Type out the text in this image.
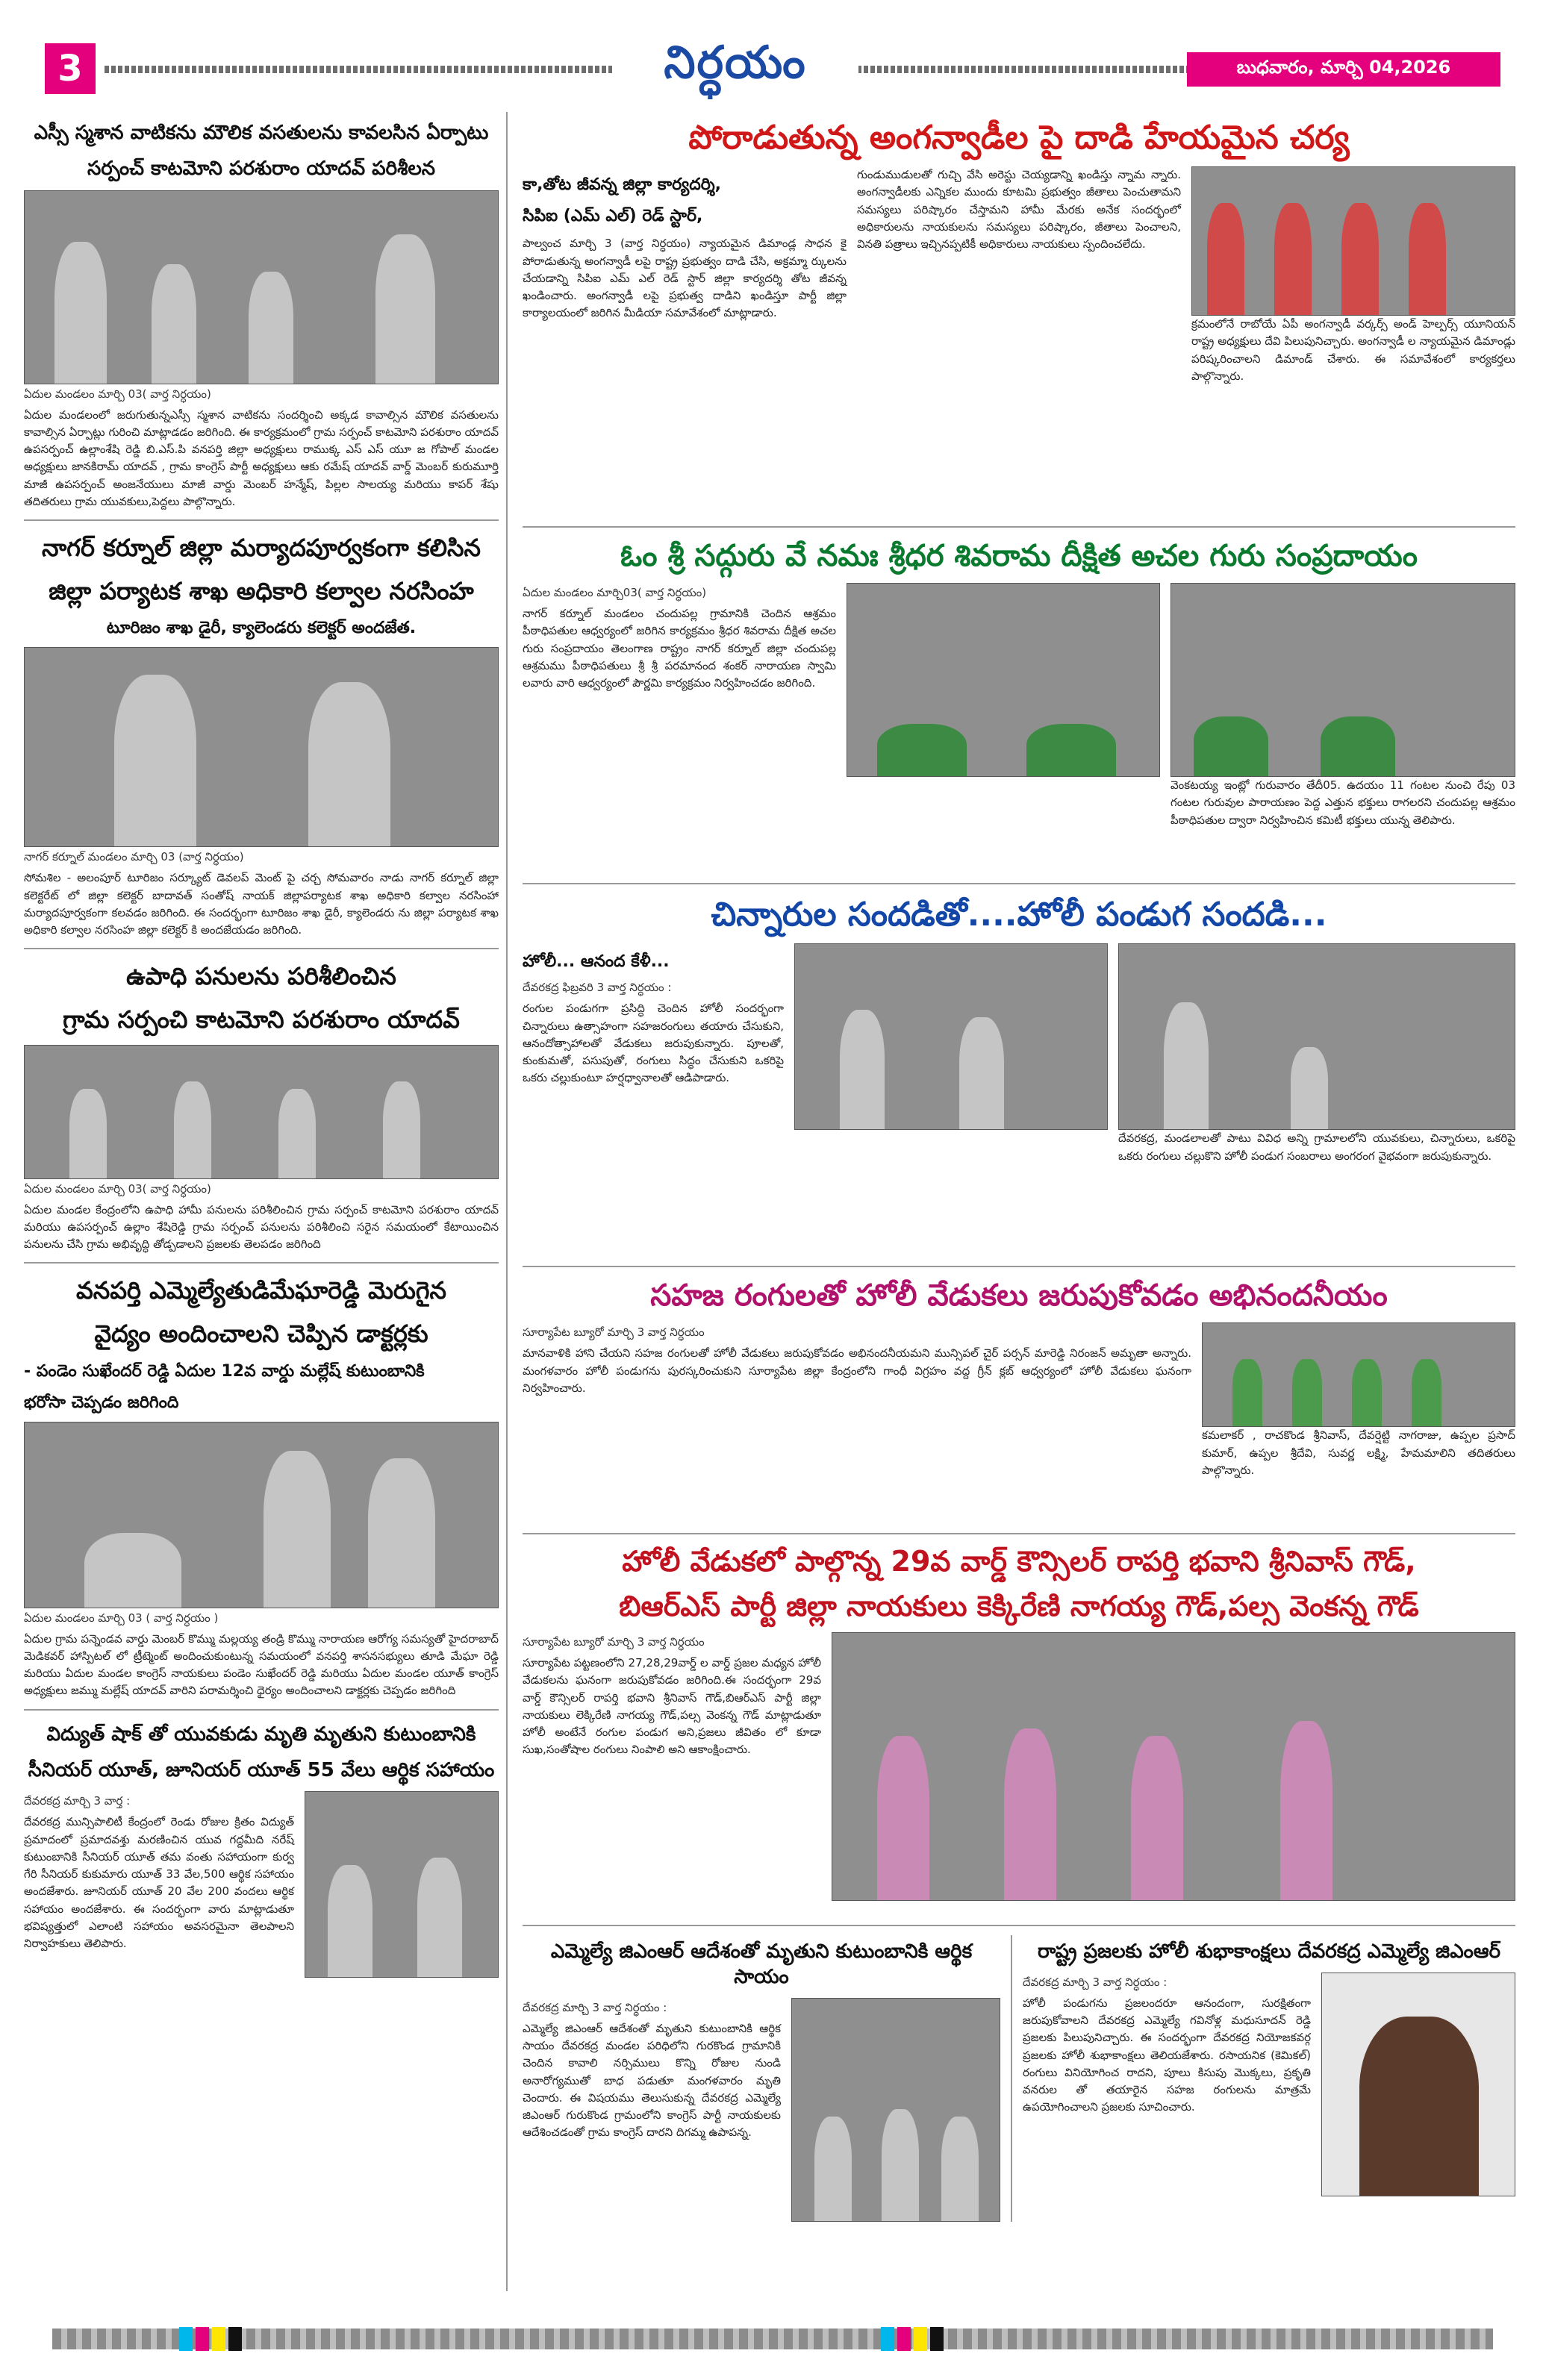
3	నిర్ధయం	బుధవారం, మార్చి 04,2026
ఎస్సీ స్మశాన వాటికను మౌలిక వసతులను కావలసిన ఏర్పాటు
సర్పంచ్ కాటమోని పరశురాం యాదవ్ పరిశీలన
ఏదుల మండలం మార్చి 03( వార్త నిర్ధయం)
ఏదుల మండలంలో జరుగుతున్నఎస్సీ స్మశాన వాటికను సందర్శించి అక్కడ కావాల్సిన మౌలిక వసతులను కావాల్సిన ఏర్పాట్లు గురించి మాట్లాడడం జరిగింది. ఈ కార్యక్రమంలో గ్రామ సర్పంచ్ కాటమోని పరశురాం యాదవ్ ఉపసర్పంచ్ ఉల్లాంశేషి రెడ్డి బి.ఎస్.పి వనపర్తి జిల్లా అధ్యక్షులు రాముక్క ఎస్ ఎస్ యూ జ గోపాల్ మండల అధ్యక్షులు జానకిరామ్ యాదవ్ , గ్రామ కాంగ్రెస్ పార్టీ అధ్యక్షులు ఆకు రమేష్ యాదవ్ వార్డ్ మెంబర్ కురుమూర్తి మాజీ ఉపసర్పంచ్ అంజనేయులు మాజీ వార్డు మెంబర్ హన్మేష్, పిల్లల సాలయ్య మరియు కాపర్ శేషు తదితరులు గ్రామ యువకులు,పెద్దలు పాల్గొన్నారు.
నాగర్ కర్నూల్ జిల్లా మర్యాదపూర్వకంగా కలిసిన
జిల్లా పర్యాటక శాఖ అధికారి కల్వాల నరసింహ
టూరిజం శాఖ డైరీ, క్యాలెండరు కలెక్టర్ అందజేత.
నాగర్ కర్నూల్ మండలం మార్చి 03 (వార్త నిర్ధయం)
సోమశిల - అలంపూర్ టూరిజం సర్క్యూట్ డెవలప్ మెంట్ పై చర్చ సోమవారం నాడు నాగర్ కర్నూల్ జిల్లా కలెక్టరేట్ లో జిల్లా కలెక్టర్ బాదావత్ సంతోష్ నాయక్ జిల్లాపర్యాటక శాఖ అధికారి కల్వాల నరసింహా మర్యాదపూర్వకంగా కలవడం జరిగింది. ఈ సందర్భంగా టూరిజం శాఖ డైరీ, క్యాలెండరు ను జిల్లా పర్యాటక శాఖ అధికారి కల్వాల నరసింహ జిల్లా కలెక్టర్ కి అందజేయడం జరిగింది.
ఉపాధి పనులను పరిశీలించిన
గ్రామ సర్పంచి కాటమోని పరశురాం యాదవ్
ఏదుల మండలం మార్చి 03( వార్త నిర్ధయం)
ఏదుల మండల కేంద్రంలోని ఉపాధి హామీ పనులను పరిశీలించిన గ్రామ సర్పంచ్ కాటమోని పరశురాం యాదవ్ మరియు ఉపసర్పంచ్ ఉల్లాం శేషిరెడ్డి గ్రామ సర్పంచ్ పనులను పరిశీలించి సరైన సమయంలో కేటాయించిన పనులను చేసి గ్రామ అభివృద్ధి తోడ్పడాలని ప్రజలకు తెలపడం జరిగింది
వనపర్తి ఎమ్మెల్యేతుడిమేఘారెడ్డి మెరుగైన
వైద్యం అందించాలని చెప్పిన డాక్టర్లకు
- పండెం సుఖేందర్ రెడ్డి ఏదుల 12వ వార్డు మల్లేష్ కుటుంబానికి
భరోసా చెప్పడం జరిగింది
ఏదుల మండలం మార్చి 03 ( వార్త నిర్ధయం )
ఏదుల గ్రామ పన్నెండవ వార్డు మెంబర్ కొమ్ము మల్లయ్య తండ్రి కొమ్ము నారాయణ ఆరోగ్య సమస్యతో హైదరాబాద్ మెడికవర్ హాస్పిటల్ లో ట్రీట్మెంట్ అందించుకుంటున్న సమయంలో వనపర్తి శాసనసభ్యులు తూడి మేఘా రెడ్డి మరియు ఏదుల మండల కాంగ్రెస్ నాయకులు పండెం సుఖేందర్ రెడ్డి మరియు ఏదుల మండల యూత్ కాంగ్రెస్ అధ్యక్షులు జమ్ము మల్లేష్ యాదవ్ వారిని పరామర్శించి ధైర్యం అందించాలని డాక్టర్లకు చెప్పడం జరిగింది
విద్యుత్ షాక్ తో యువకుడు మృతి మృతుని కుటుంబానికి
సీనియర్ యూత్, జూనియర్ యూత్ 55 వేలు ఆర్థిక సహాయం
దేవరకద్ర మార్చి 3 వార్త :
దేవరకద్ర మున్సిపాలిటీ కేంద్రంలో రెండు రోజుల క్రితం విద్యుత్ ప్రమాదంలో ప్రమాదవశ్తు మరణించిన యువ గద్దమీది నరేష్ కుటుంబానికి సీనియర్ యూత్ తమ వంతు సహాయంగా కుర్వ గేరి సీనియర్ కుకుమారు యూత్ 33 వేల,500 ఆర్థిక సహాయం అందజేశారు. జూనియర్ యూత్ 20 వేల 200 వందలు ఆర్థిక సహాయం అందజేశారు. ఈ సందర్భంగా వారు మాట్లాడుతూ భవిష్యత్తులో ఎలాంటి సహాయం అవసరమైనా తెలపాలని నిర్వాహకులు తెలిపారు.
పోరాడుతున్న అంగన్వాడీల పై దాడి హేయమైన చర్య
కా,తోట జీవన్న జిల్లా కార్యదర్శి,
సిపిఐ (ఎమ్ ఎల్) రెడ్ స్టార్,
పాల్వంచ మార్చి 3 (వార్త నిర్ధయం) న్యాయమైన డిమాండ్ల సాధన కై పోరాడుతున్న అంగన్వాడీ లపై రాష్ట్ర ప్రభుత్వం దాడి చేసి, అక్రమ్మా ర్కులను చేయడాన్ని సిపిఐ ఎమ్ ఎల్ రెడ్ స్టార్ జిల్లా కార్యదర్శి తోట జీవన్న ఖండించారు. అంగన్వాడీ లపై ప్రభుత్వ దాడిని ఖండిస్తూ పార్టీ జిల్లా కార్యాలయంలో జరిగిన మీడియా సమావేశంలో మాట్లాడారు.
గుండుముడులతో గుచ్చి వేసి అరెస్టు చెయ్యడాన్ని ఖండిస్తు న్నామ న్నారు. అంగన్వాడీలకు ఎన్నికల ముందు కూటమి ప్రభుత్వం జీతాలు పెంచుతామని సమస్యలు పరిష్కారం చేస్తామని హామీ మేరకు అనేక సందర్భంలో అధికారులను నాయకులను సమస్యలు పరిష్కారం, జీతాలు పెంచాలని, వినతి పత్రాలు ఇచ్చినప్పటికీ అధికారులు నాయకులు స్పందించలేదు.
క్రమంలోనే రాబోయే ఏపీ అంగన్వాడీ వర్కర్స్ అండ్ హెల్పర్స్ యూనియన్ రాష్ట్ర అధ్యక్షులు దేవి పిలుపునిచ్చారు. అంగన్వాడీ ల న్యాయమైన డిమాండ్లు పరిష్కరించాలని డిమాండ్ చేశారు. ఈ సమావేశంలో కార్యకర్తలు పాల్గొన్నారు.
ఓం శ్రీ సద్గురు వే నమః శ్రీధర శివరామ దీక్షిత అచల గురు సంప్రదాయం
ఏదుల మండలం మార్చి03( వార్త నిర్ధయం)
నాగర్ కర్నూల్ మండలం చందుపల్ల గ్రామానికి చెందిన ఆశ్రమం పీఠాధిపతుల ఆధ్వర్యంలో జరిగిన కార్యక్రమం శ్రీధర శివరామ దీక్షిత అచల గురు సంప్రదాయం తెలంగాణ రాష్ట్రం నాగర్ కర్నూల్ జిల్లా చందుపల్ల ఆశ్రమము పీఠాధిపతులు శ్రీ శ్రీ పరమానంద శంకర్ నారాయణ స్వామి లవారు వారి ఆధ్వర్యంలో పౌర్ణమి కార్యక్రమం నిర్వహించడం జరిగింది.
వెంకటయ్య ఇంట్లో గురువారం తేదీ05. ఉదయం 11 గంటల నుంచి రేపు 03 గంటల గురువుల పారాయణం పెద్ద ఎత్తున భక్తులు రాగలరని చందుపల్ల ఆశ్రమం పీఠాధిపతుల ద్వారా నిర్వహించిన కమిటీ భక్తులు యున్న తెలిపారు.
చిన్నారుల సందడితో....హోలీ పండుగ సందడి...
హోలీ... ఆనంద కేళీ...
దేవరకద్ర ఫిబ్రవరి 3 వార్త నిర్ధయం :
రంగుల పండుగగా ప్రసిద్ధి చెందిన హోలీ సందర్భంగా చిన్నారులు ఉత్సాహంగా సహజరంగులు తయారు చేసుకుని, ఆనందోత్సాహాలతో వేడుకలు జరుపుకున్నారు. పూలతో, కుంకుమతో, పసుపుతో, రంగులు సిద్ధం చేసుకుని ఒకరిపై ఒకరు చల్లుకుంటూ హర్షధ్వానాలతో ఆడిపాడారు.
దేవరకద్ర, మండలాలతో పాటు వివిధ అన్ని గ్రామాలలోని యువకులు, చిన్నారులు, ఒకరిపై ఒకరు రంగులు చల్లుకొని హోలీ పండుగ సంబరాలు అంగరంగ వైభవంగా జరుపుకున్నారు.
సహజ రంగులతో హోలీ వేడుకలు జరుపుకోవడం అభినందనీయం
సూర్యాపేట బ్యూరో మార్చి 3 వార్త నిర్ధయం
మానవాళికి హాని చేయని సహజ రంగులతో హోలీ వేడుకలు జరుపుకోవడం అభినందనీయమని మున్సిపల్ చైర్ పర్సన్ మారెడ్డి నిరంజన్ అమృతా అన్నారు. మంగళవారం హోలీ పండుగను పురస్కరించుకుని సూర్యాపేట జిల్లా కేంద్రంలోని గాంధీ విగ్రహం వద్ద గ్రీన్ క్లబ్ ఆధ్వర్యంలో హోలీ వేడుకలు ఘనంగా నిర్వహించారు.
కమలాకర్ , రాచకొండ శ్రీనివాస్, దేవర్షెట్టి నాగరాజు, ఉప్పల ప్రసాద్ కుమార్, ఉప్పల శ్రీదేవి, సువర్ణ లక్ష్మి, హేమమాలిని తదితరులు పాల్గొన్నారు.
హోలీ వేడుకలో పాల్గొన్న 29వ వార్డ్ కౌన్సిలర్ రాపర్తి భవాని శ్రీనివాస్ గౌడ్,
బిఆర్ఎస్ పార్టీ జిల్లా నాయకులు కెక్కిరేణి నాగయ్య గౌడ్,పల్స వెంకన్న గౌడ్
సూర్యాపేట బ్యూరో మార్చి 3 వార్త నిర్ధయం
సూర్యాపేట పట్టణంలోని 27,28,29వార్డ్ ల వార్డ్ ప్రజల మధ్యన హోలీ వేడుకలను ఘనంగా జరుపుకోవడం జరిగింది.ఈ సందర్భంగా 29వ వార్డ్ కౌన్సిలర్ రాపర్తి భవాని శ్రీనివాస్ గౌడ్,బిఆర్ఎస్ పార్టీ జిల్లా నాయకులు లెక్కిరేణి నాగయ్య గౌడ్,పల్స వెంకన్న గౌడ్ మాట్లాడుతూ హోలీ అంటేనే రంగుల పండుగ అని,ప్రజలు జీవితం లో కూడా సుఖ,సంతోషాల రంగులు నింపాలి అని ఆకాంక్షించారు.
ఎమ్మెల్యే జిఎంఆర్ ఆదేశంతో మృతుని కుటుంబానికి ఆర్థిక సాయం
దేవరకద్ర మార్చి 3 వార్త నిర్ధయం :
ఎమ్మెల్యే జిఎంఆర్ ఆదేశంతో మృతుని కుటుంబానికి ఆర్థిక సాయం దేవరకద్ర మండల పరిధిలోని గురకొండ గ్రామానికి చెందిన కావాలి నర్సిములు కొన్ని రోజుల నుండి అనారోగ్యముతో బాధ పడుతూ మంగళవారం మృతి చెందారు. ఈ విషయము తెలుసుకున్న దేవరకద్ర ఎమ్మెల్యే జిఎంఆర్ గురుకొండ గ్రామంలోని కాంగ్రెస్ పార్టీ నాయకులకు ఆదేశించడంతో గ్రామ కాంగ్రెస్ దారని దిగమ్మ ఉపాపన్న.
రాష్ట్ర ప్రజలకు హోలీ శుభాకాంక్షలు దేవరకద్ర ఎమ్మెల్యే జిఎంఆర్
దేవరకద్ర మార్చి 3 వార్త నిర్ధయం :
హోలీ పండుగను ప్రజలందరూ ఆనందంగా, సురక్షితంగా జరుపుకోవాలని దేవరకద్ర ఎమ్మెల్యే గవినోళ్ల మధుసూదన్ రెడ్డి ప్రజలకు పిలుపునిచ్చారు. ఈ సందర్భంగా దేవరకద్ర నియోజకవర్గ ప్రజలకు హోలీ శుభాకాంక్షలు తెలియజేశారు. రసాయనిక (కెమికల్) రంగులు వినియోగించ రాదని, పూలు కిసుపు మొక్కలు, ప్రకృతి వనరుల తో తయారైన సహజ రంగులను మాత్రమే ఉపయోగించాలని ప్రజలకు సూచించారు.
